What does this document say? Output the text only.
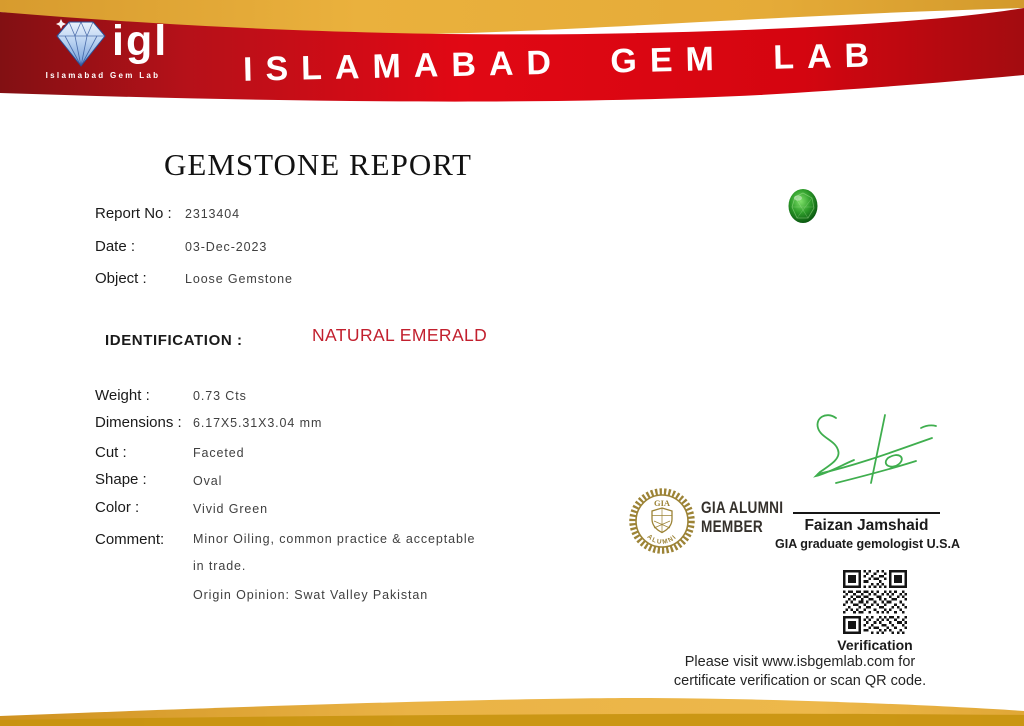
igl
Islamabad Gem Lab ISLAMABAD GEM LAB
GEMSTONE REPORT
Report No : 2313404
Date :	03-Dec-2023
Object :	Loose Gemstone
IDENTIFICATION :	NATURAL EMERALD
Weight :	0.73 Cts
Dimensions : 6.17X5.31X3.04 mm
Cut :	Faceted
Shape :	Oval
Color :	Vivid Green
Comment: Minor Oiling, common practice & acceptable
in trade.
Origin Opinion: Swat Valley Pakistan
GIA
ALUMNI
GIA ALUMNI
MEMBER	Faizan Jamshaid
GIA graduate gemologist U.S.A
Verification
Please visit www.isbgemlab.com for
certificate verification or scan QR code.
